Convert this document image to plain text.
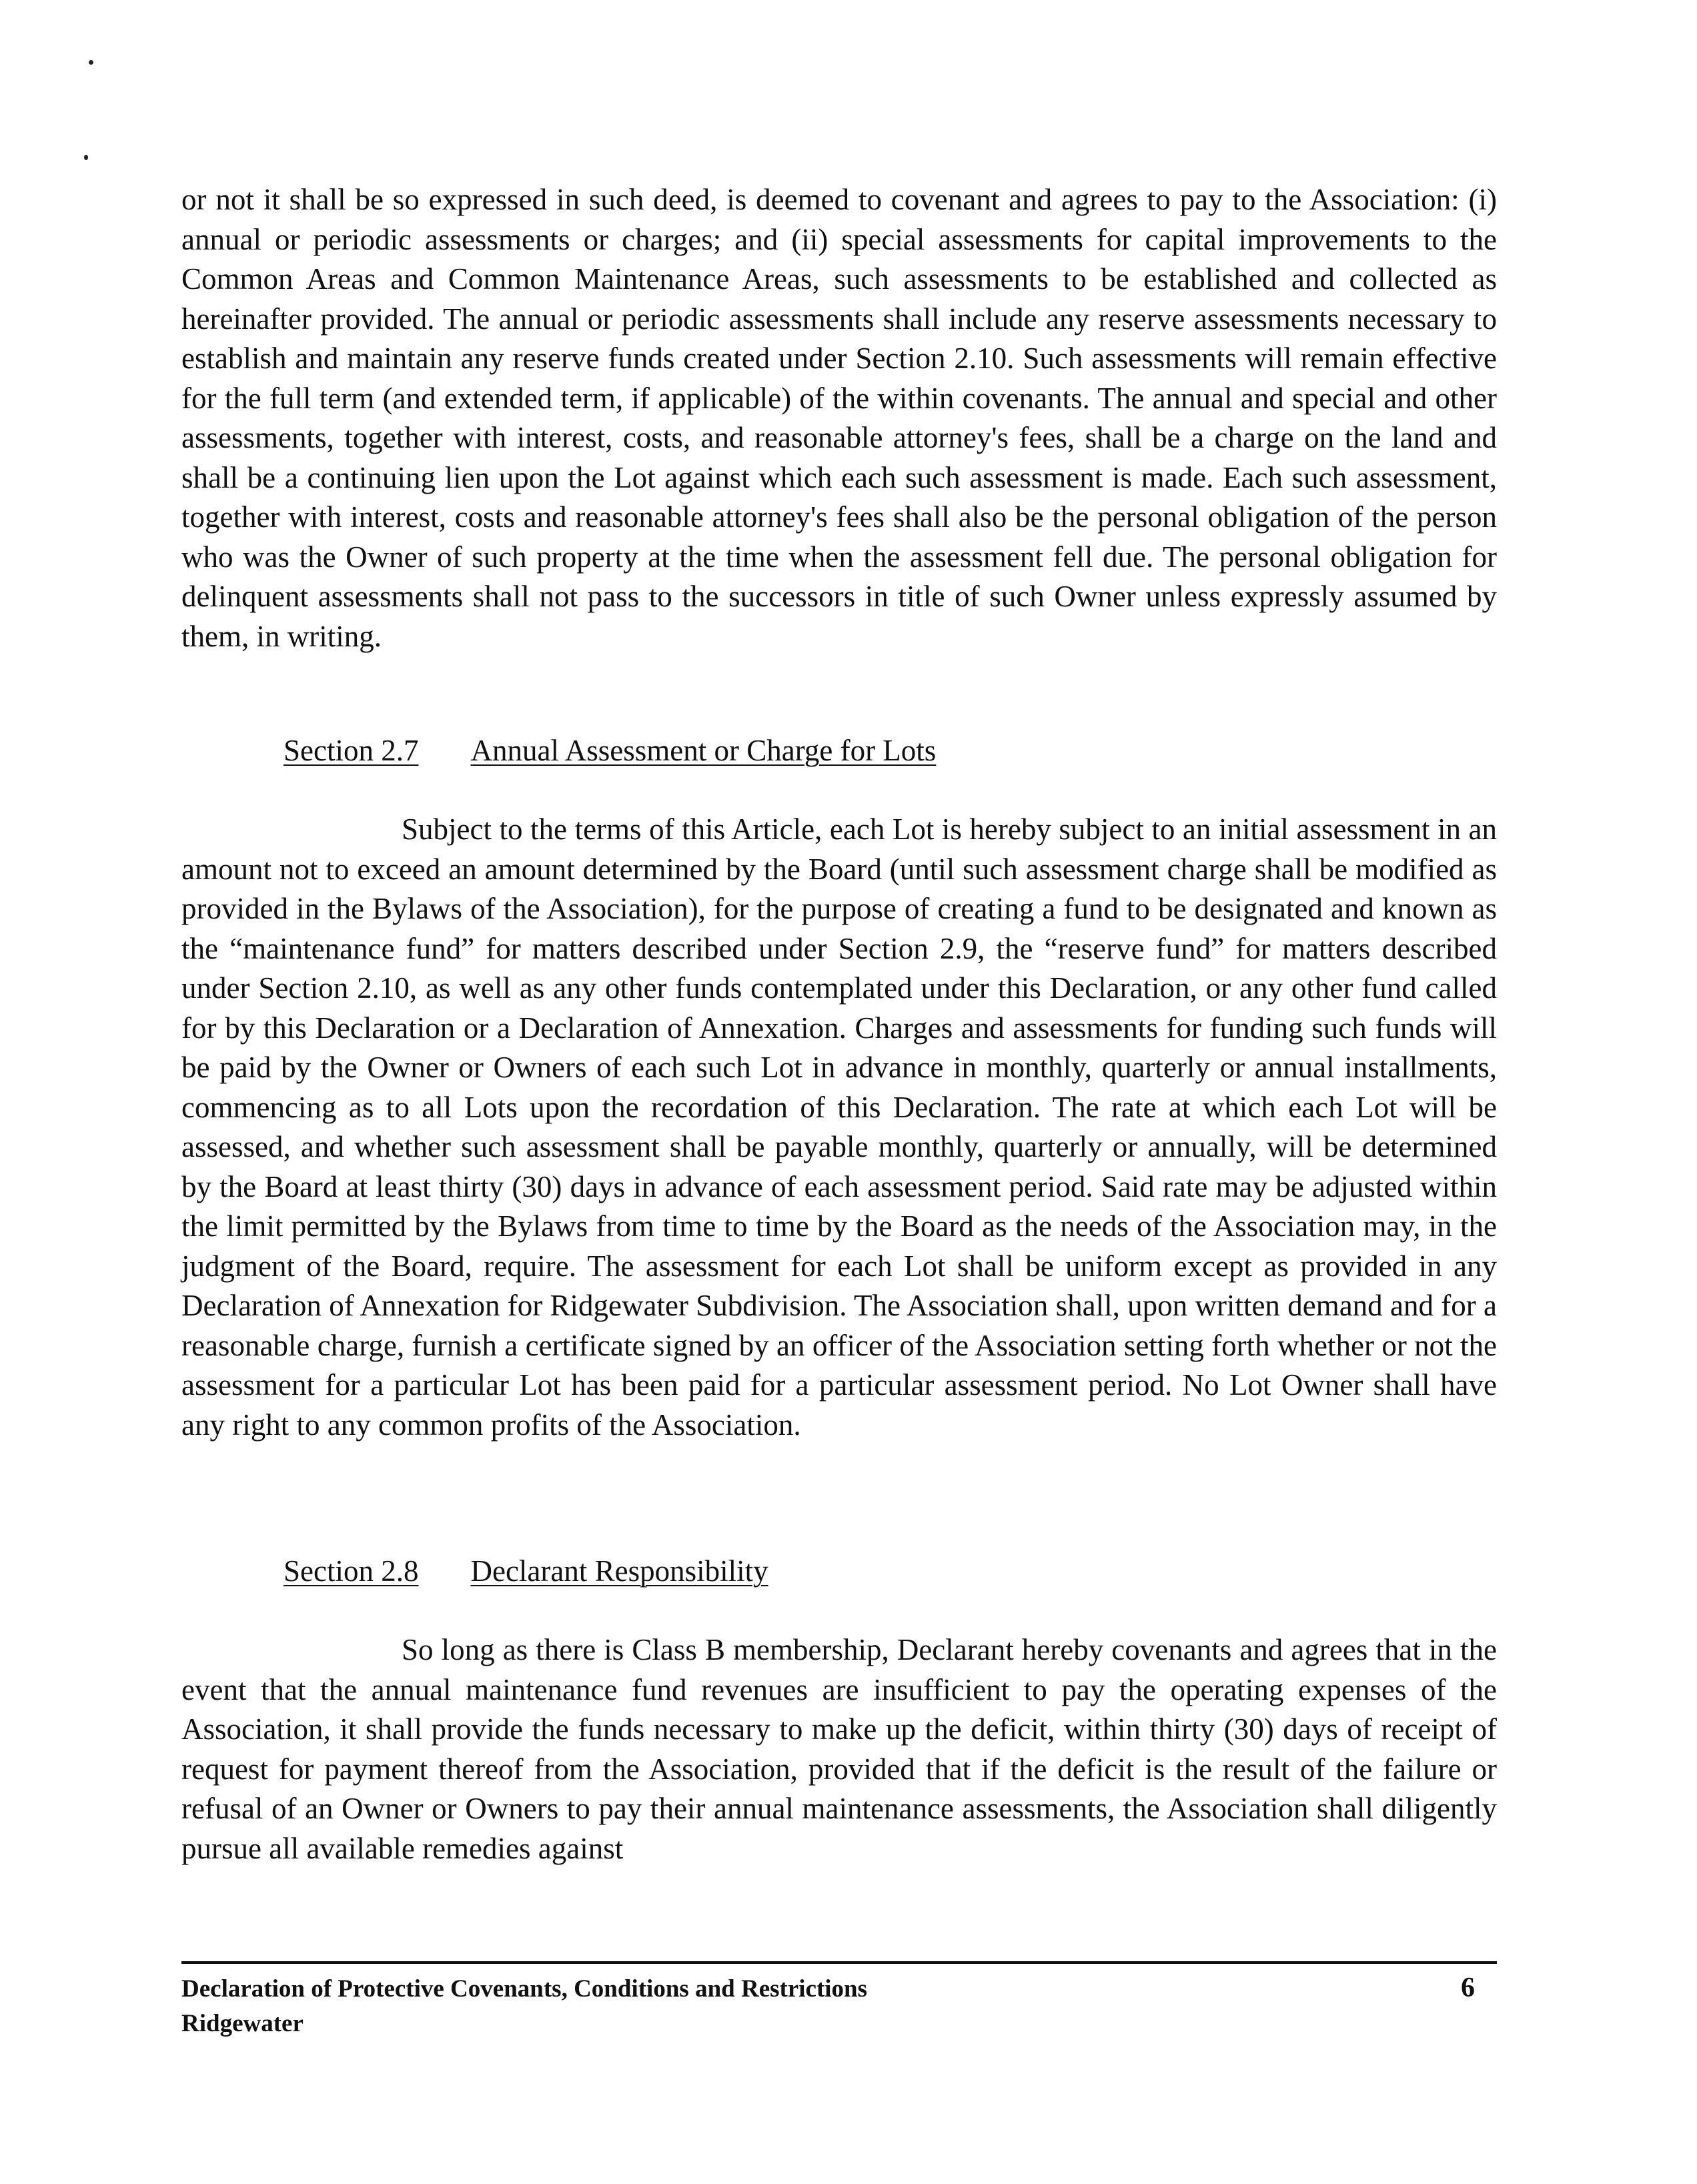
or not it shall be so expressed in such deed, is deemed to covenant and agrees to pay to the Association: (i) annual or periodic assessments or charges; and (ii) special assessments for capital improvements to the Common Areas and Common Maintenance Areas, such assessments to be established and collected as hereinafter provided. The annual or periodic assessments shall include any reserve assessments necessary to establish and maintain any reserve funds created under Section 2.10. Such assessments will remain effective for the full term (and extended term, if applicable) of the within covenants. The annual and special and other assessments, together with interest, costs, and reasonable attorney's fees, shall be a charge on the land and shall be a continuing lien upon the Lot against which each such assessment is made. Each such assessment, together with interest, costs and reasonable attorney's fees shall also be the personal obligation of the person who was the Owner of such property at the time when the assessment fell due. The personal obligation for delinquent assessments shall not pass to the successors in title of such Owner unless expressly assumed by them, in writing.

Section 2.7 Annual Assessment or Charge for Lots

Subject to the terms of this Article, each Lot is hereby subject to an initial assessment in an amount not to exceed an amount determined by the Board (until such assessment charge shall be modified as provided in the Bylaws of the Association), for the purpose of creating a fund to be designated and known as the “maintenance fund” for matters described under Section 2.9, the “reserve fund” for matters described under Section 2.10, as well as any other funds contemplated under this Declaration, or any other fund called for by this Declaration or a Declaration of Annexation. Charges and assessments for funding such funds will be paid by the Owner or Owners of each such Lot in advance in monthly, quarterly or annual installments, commencing as to all Lots upon the recordation of this Declaration. The rate at which each Lot will be assessed, and whether such assessment shall be payable monthly, quarterly or annually, will be determined by the Board at least thirty (30) days in advance of each assessment period. Said rate may be adjusted within the limit permitted by the Bylaws from time to time by the Board as the needs of the Association may, in the judgment of the Board, require. The assessment for each Lot shall be uniform except as provided in any Declaration of Annexation for Ridgewater Subdivision. The Association shall, upon written demand and for a reasonable charge, furnish a certificate signed by an officer of the Association setting forth whether or not the assessment for a particular Lot has been paid for a particular assessment period. No Lot Owner shall have any right to any common profits of the Association.

Section 2.8 Declarant Responsibility

So long as there is Class B membership, Declarant hereby covenants and agrees that in the event that the annual maintenance fund revenues are insufficient to pay the operating expenses of the Association, it shall provide the funds necessary to make up the deficit, within thirty (30) days of receipt of request for payment thereof from the Association, provided that if the deficit is the result of the failure or refusal of an Owner or Owners to pay their annual maintenance assessments, the Association shall diligently pursue all available remedies against

Declaration of Protective Covenants, Conditions and Restrictions
Ridgewater
6
